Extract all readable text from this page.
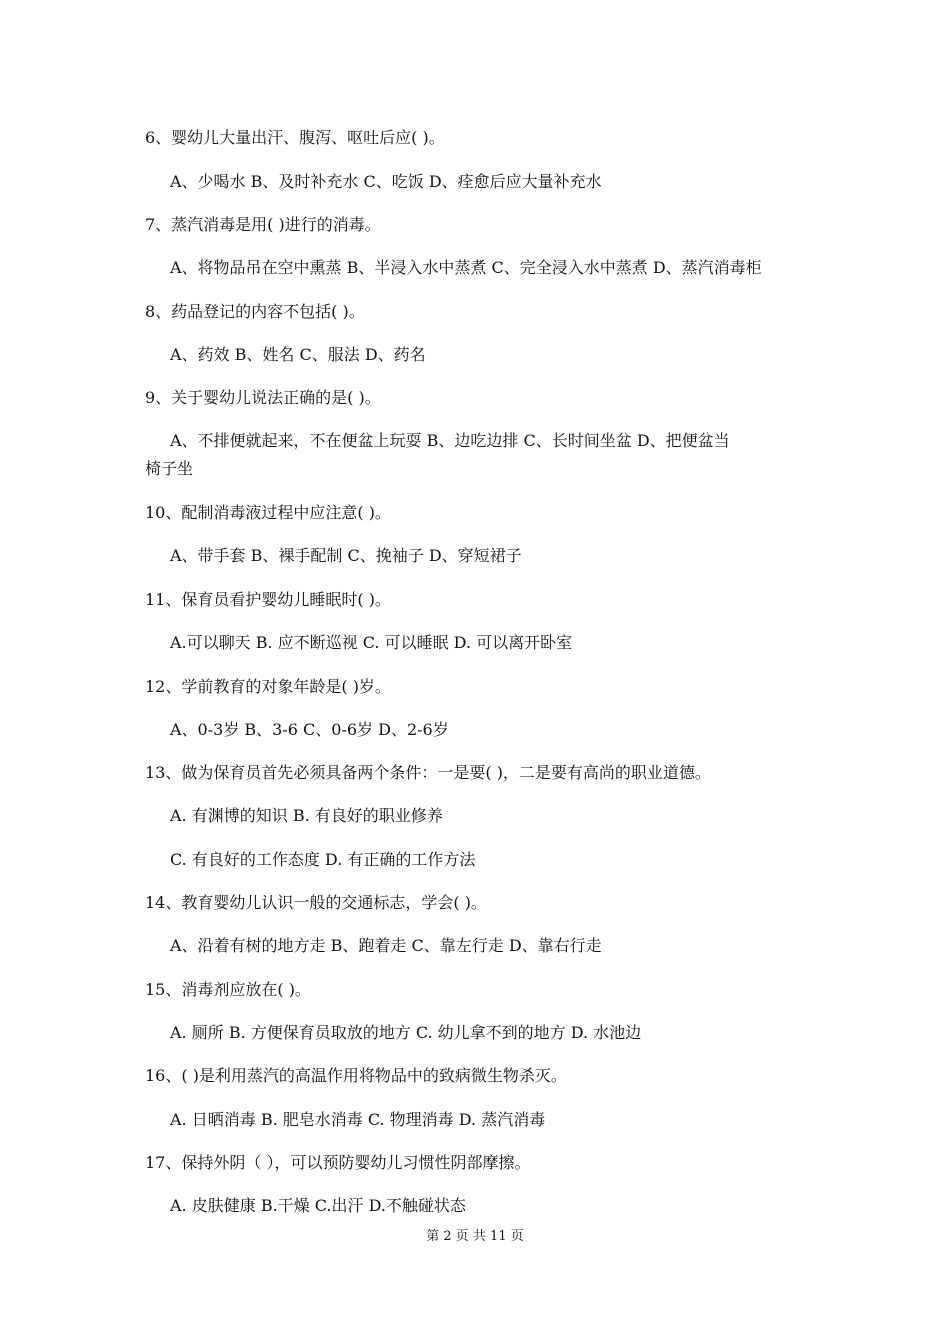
6、婴幼儿大量出汗、腹泻、呕吐后应( )。
A、少喝水 B、及时补充水 C、吃饭 D、痊愈后应大量补充水
7、蒸汽消毒是用( )进行的消毒。
A、将物品吊在空中熏蒸 B、半浸入水中蒸煮 C、完全浸入水中蒸煮 D、蒸汽消毒柜
8、药品登记的内容不包括( )。
A、药效 B、姓名 C、服法 D、药名
9、关于婴幼儿说法正确的是( )。
A、不排便就起来，不在便盆上玩耍 B、边吃边排 C、长时间坐盆 D、把便盆当
椅子坐
10、配制消毒液过程中应注意( )。
A、带手套 B、裸手配制 C、挽袖子 D、穿短裙子
11、保育员看护婴幼儿睡眠时( )。
A.可以聊天 B. 应不断巡视 C. 可以睡眠 D. 可以离开卧室
12、学前教育的对象年龄是( )岁。
A、0-3岁 B、3-6 C、0-6岁 D、2-6岁
13、做为保育员首先必须具备两个条件：一是要( )，二是要有高尚的职业道德。
A. 有渊博的知识 B. 有良好的职业修养
C. 有良好的工作态度 D. 有正确的工作方法
14、教育婴幼儿认识一般的交通标志，学会( )。
A、沿着有树的地方走 B、跑着走 C、靠左行走 D、靠右行走
15、消毒剂应放在( )。
A. 厕所 B. 方便保育员取放的地方 C. 幼儿拿不到的地方 D. 水池边
16、( )是利用蒸汽的高温作用将物品中的致病微生物杀灭。
A. 日晒消毒 B. 肥皂水消毒 C. 物理消毒 D. 蒸汽消毒
17、保持外阴（ ），可以预防婴幼儿习惯性阴部摩擦。
A. 皮肤健康 B.干燥 C.出汗 D.不触碰状态
第 2 页 共 11 页
